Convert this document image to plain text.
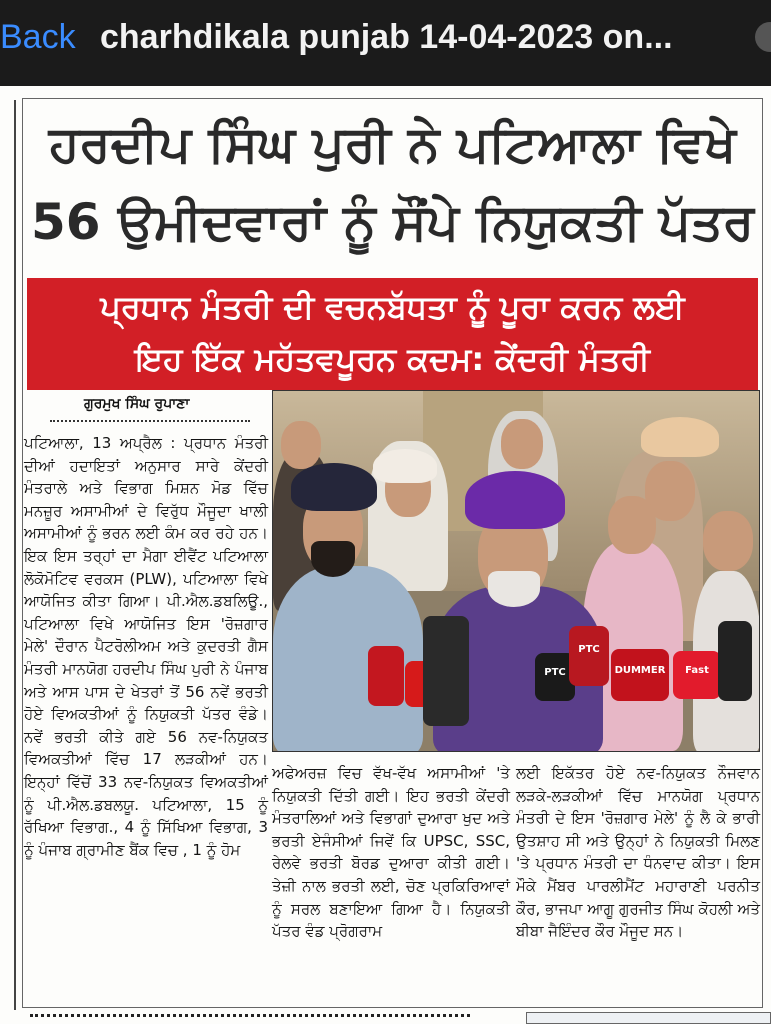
Back charhdikala punjab 14-04-2023 on...
ਹਰਦੀਪ ਸਿੰਘ ਪੁਰੀ ਨੇ ਪਟਿਆਲਾ ਵਿਖੇ
56 ਉਮੀਦਵਾਰਾਂ ਨੂੰ ਸੌਂਪੇ ਨਿਯੁਕਤੀ ਪੱਤਰ
ਪ੍ਰਧਾਨ ਮੰਤਰੀ ਦੀ ਵਚਨਬੱਧਤਾ ਨੂੰ ਪੂਰਾ ਕਰਨ ਲਈ
ਇਹ ਇੱਕ ਮਹੱਤਵਪੂਰਨ ਕਦਮ: ਕੇਂਦਰੀ ਮੰਤਰੀ
ਗੁਰਮੁਖ ਸਿੰਘ ਰੁਪਾਣਾ

ਪਟਿਆਲਾ, 13 ਅਪ੍ਰੈਲ : ਪ੍ਰਧਾਨ ਮੰਤਰੀ ਦੀਆਂ ਹਦਾਇਤਾਂ ਅਨੁਸਾਰ ਸਾਰੇ ਕੇਂਦਰੀ ਮੰਤਰਾਲੇ ਅਤੇ ਵਿਭਾਗ ਮਿਸ਼ਨ ਮੋਡ ਵਿੱਚ ਮਨਜ਼ੂਰ ਅਸਾਮੀਆਂ ਦੇ ਵਿਰੁੱਧ ਮੌਜੂਦਾ ਖਾਲੀ ਅਸਾਮੀਆਂ ਨੂੰ ਭਰਨ ਲਈ ਕੰਮ ਕਰ ਰਹੇ ਹਨ। ਇਕ ਇਸ ਤਰ੍ਹਾਂ ਦਾ ਮੈਗਾ ਈਵੈਂਟ ਪਟਿਆਲਾ ਲੋਕੋਮੋਟਿਵ ਵਰਕਸ (PLW), ਪਟਿਆਲਾ ਵਿਖੇ ਆਯੋਜਿਤ ਕੀਤਾ ਗਿਆ। ਪੀ.ਐਲ.ਡਬਲਿਊ., ਪਟਿਆਲਾ ਵਿਖੇ ਆਯੋਜਿਤ ਇਸ 'ਰੋਜ਼ਗਾਰ ਮੇਲੇ' ਦੌਰਾਨ ਪੈਟਰੋਲੀਅਮ ਅਤੇ ਕੁਦਰਤੀ ਗੈਸ ਮੰਤਰੀ ਮਾਨਯੋਗ ਹਰਦੀਪ ਸਿੰਘ ਪੁਰੀ ਨੇ ਪੰਜਾਬ ਅਤੇ ਆਸ ਪਾਸ ਦੇ ਖੇਤਰਾਂ ਤੋਂ 56 ਨਵੇਂ ਭਰਤੀ ਹੋਏ ਵਿਅਕਤੀਆਂ ਨੂੰ ਨਿਯੁਕਤੀ ਪੱਤਰ ਵੰਡੇ। ਨਵੇਂ ਭਰਤੀ ਕੀਤੇ ਗਏ 56 ਨਵ-ਨਿਯੁਕਤ ਵਿਅਕਤੀਆਂ ਵਿੱਚ 17 ਲੜਕੀਆਂ ਹਨ। ਇਨ੍ਹਾਂ ਵਿੱਚੋਂ 33 ਨਵ-ਨਿਯੁਕਤ ਵਿਅਕਤੀਆਂ ਨੂੰ ਪੀ.ਐਲ.ਡਬਲਯੂ. ਪਟਿਆਲਾ, 15 ਨੂੰ ਰੱਖਿਆ ਵਿਭਾਗ., 4 ਨੂੰ ਸਿੱਖਿਆ ਵਿਭਾਗ, 3 ਨੂੰ ਪੰਜਾਬ ਗ੍ਰਾਮੀਣ ਬੈਂਕ ਵਿਚ , 1 ਨੂੰ ਹੋਮ

PTC
PTC
DUMMER	Fast

ਅਫੇਅਰਜ਼ ਵਿਚ ਵੱਖ-ਵੱਖ ਅਸਾਮੀਆਂ 'ਤੇ ਨਿਯੁਕਤੀ ਦਿੱਤੀ ਗਈ। ਇਹ ਭਰਤੀ ਕੇਂਦਰੀ ਮੰਤਰਾਲਿਆਂ ਅਤੇ ਵਿਭਾਗਾਂ ਦੁਆਰਾ ਖੁਦ ਅਤੇ ਭਰਤੀ ਏਜੰਸੀਆਂ ਜਿਵੇਂ ਕਿ UPSC, SSC, ਰੇਲਵੇ ਭਰਤੀ ਬੋਰਡ ਦੁਆਰਾ ਕੀਤੀ ਗਈ। ਤੇਜ਼ੀ ਨਾਲ ਭਰਤੀ ਲਈ, ਚੋਣ ਪ੍ਰਕਿਰਿਆਵਾਂ ਨੂੰ ਸਰਲ ਬਣਾਇਆ ਗਿਆ ਹੈ। ਨਿਯੁਕਤੀ ਪੱਤਰ ਵੰਡ ਪ੍ਰੋਗਰਾਮ

ਲਈ ਇਕੱਤਰ ਹੋਏ ਨਵ-ਨਿਯੁਕਤ ਨੌਜਵਾਨ ਲੜਕੇ-ਲੜਕੀਆਂ ਵਿੱਚ ਮਾਨਯੋਗ ਪ੍ਰਧਾਨ ਮੰਤਰੀ ਦੇ ਇਸ 'ਰੋਜ਼ਗਾਰ ਮੇਲੇ' ਨੂੰ ਲੈ ਕੇ ਭਾਰੀ ਉਤਸ਼ਾਹ ਸੀ ਅਤੇ ਉਨ੍ਹਾਂ ਨੇ ਨਿਯੁਕਤੀ ਮਿਲਣ 'ਤੇ ਪ੍ਰਧਾਨ ਮੰਤਰੀ ਦਾ ਧੰਨਵਾਦ ਕੀਤਾ। ਇਸ ਮੌਕੇ ਮੈਂਬਰ ਪਾਰਲੀਮੈਂਟ ਮਹਾਰਾਣੀ ਪਰਨੀਤ ਕੌਰ, ਭਾਜਪਾ ਆਗੂ ਗੁਰਜੀਤ ਸਿੰਘ ਕੋਹਲੀ ਅਤੇ ਬੀਬਾ ਜੈਇੰਦਰ ਕੌਰ ਮੌਜੂਦ ਸਨ।
